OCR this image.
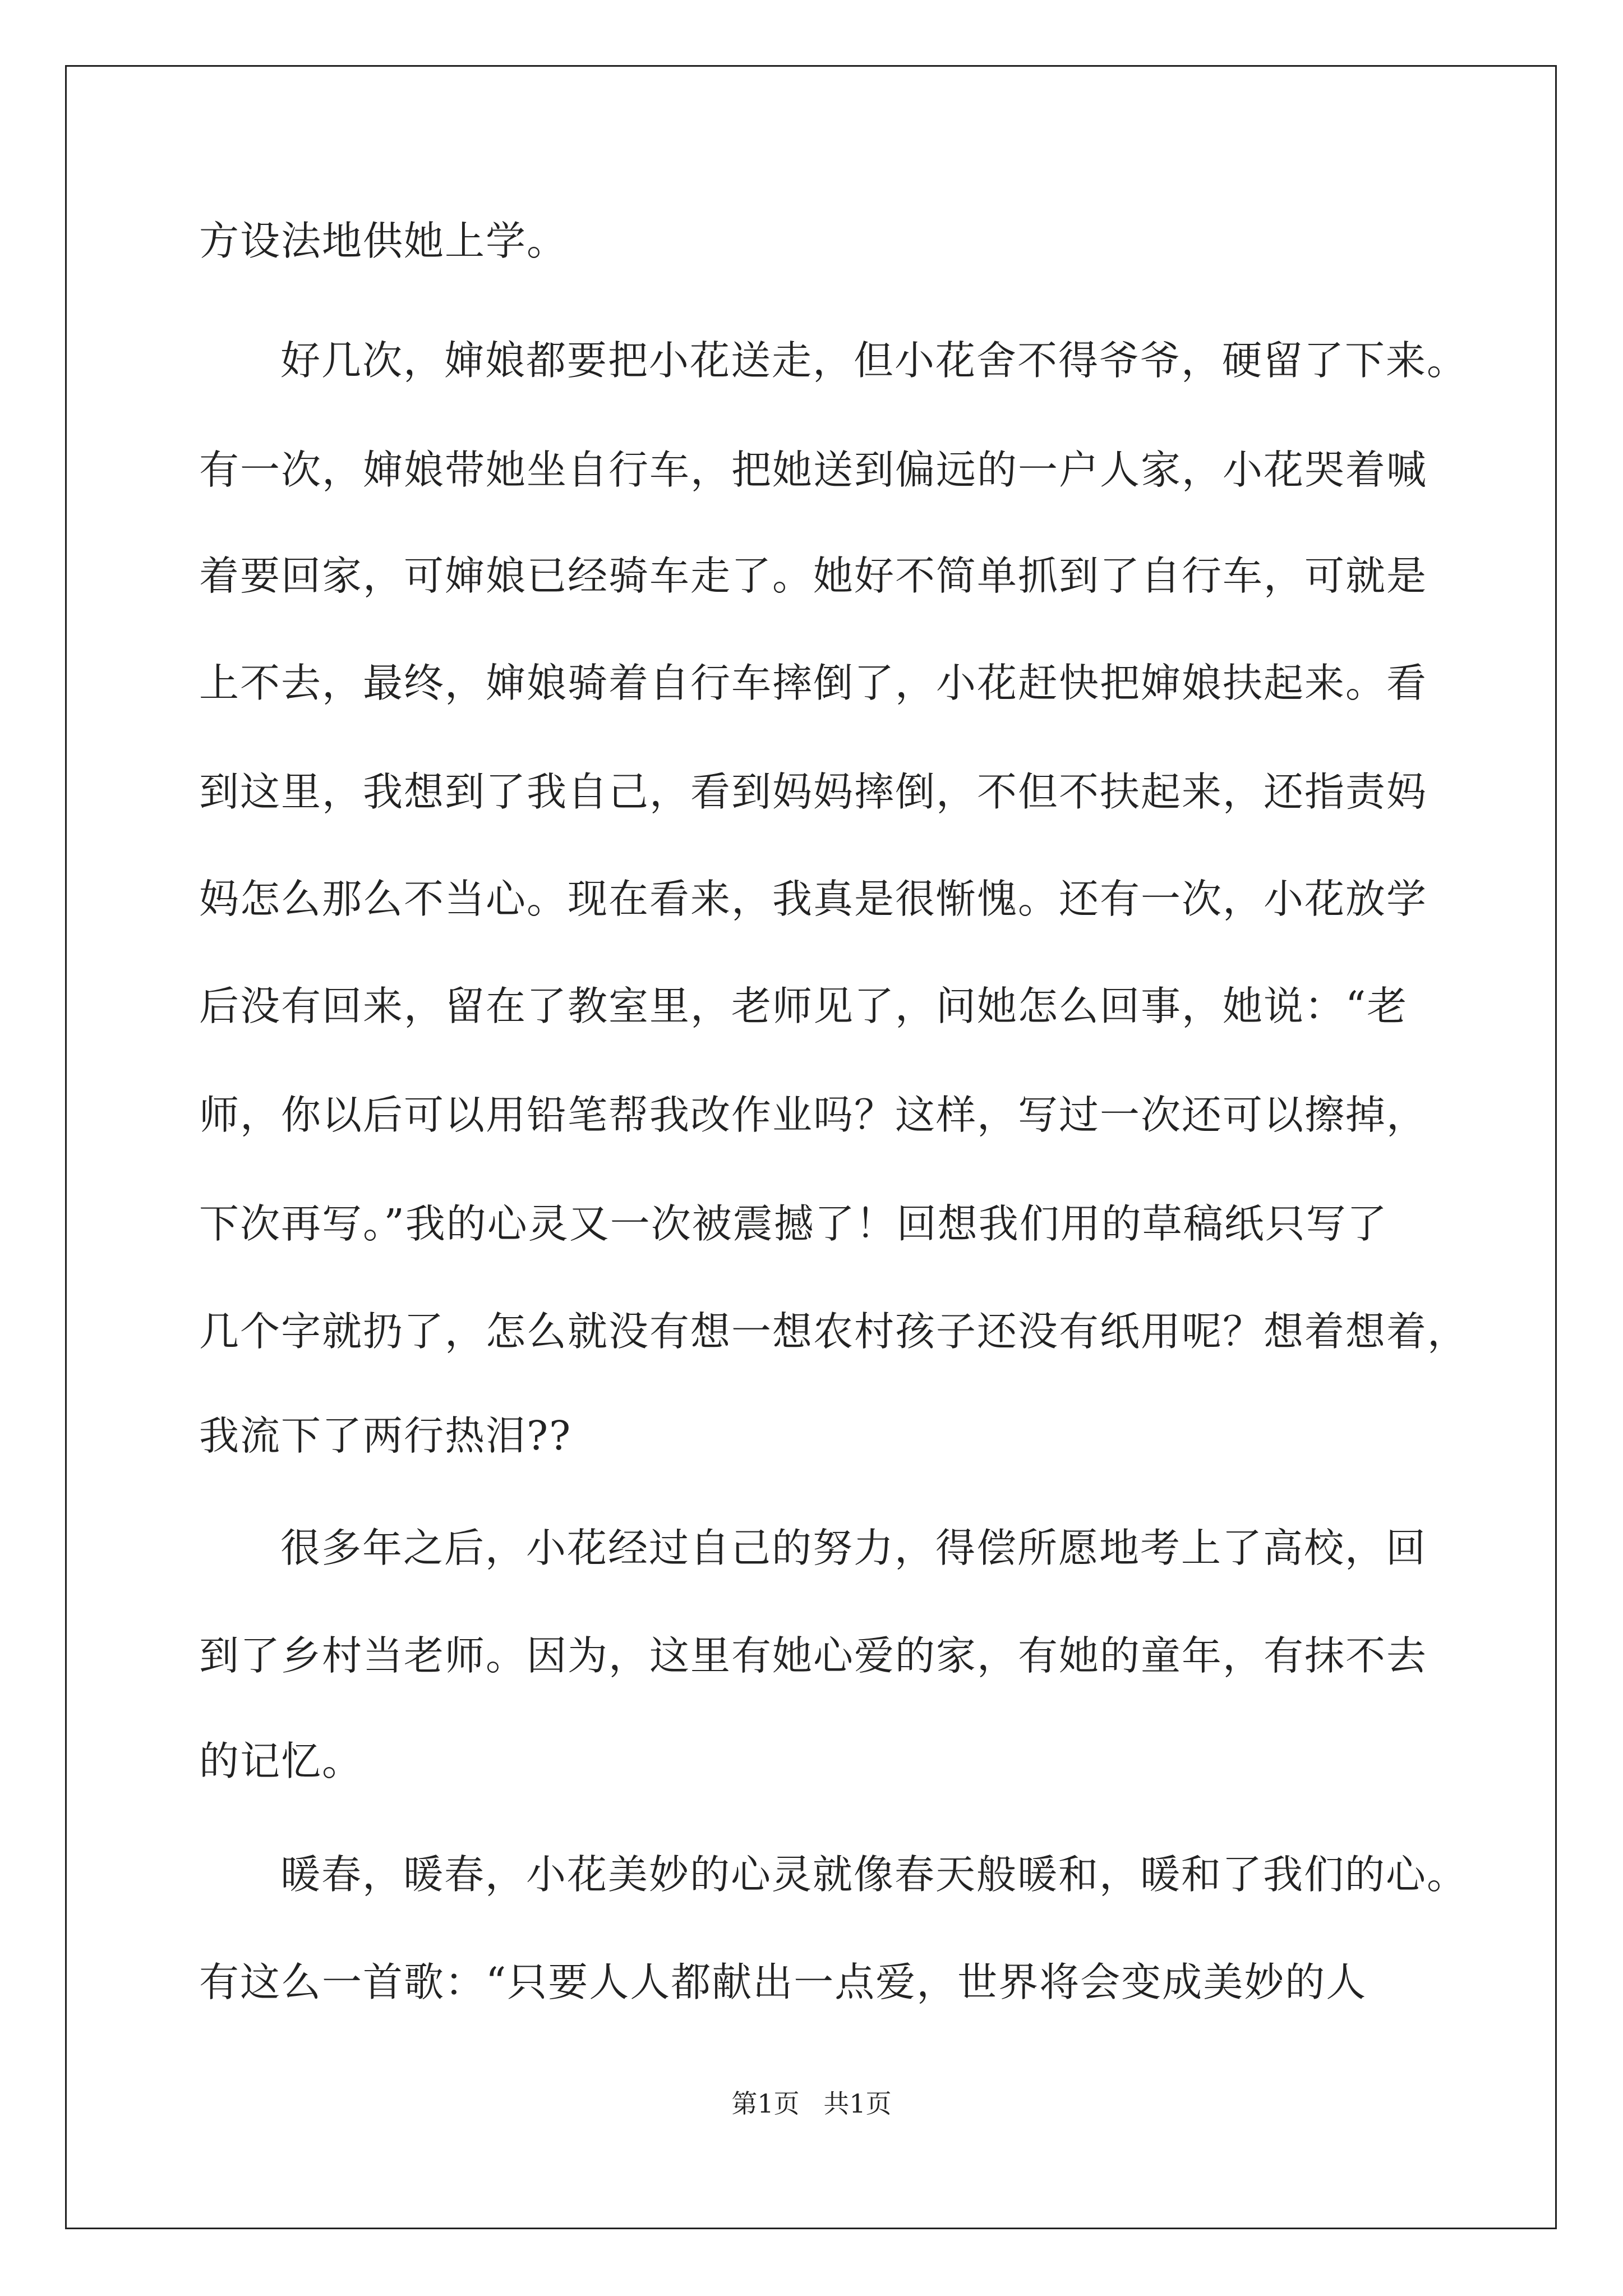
方设法地供她上学。

好几次，婶娘都要把小花送走，但小花舍不得爷爷，硬留了下来。

有一次，婶娘带她坐自行车，把她送到偏远的一户人家，小花哭着喊

着要回家，可婶娘已经骑车走了。她好不简单抓到了自行车，可就是

上不去，最终，婶娘骑着自行车摔倒了，小花赶快把婶娘扶起来。看

到这里，我想到了我自己，看到妈妈摔倒，不但不扶起来，还指责妈

妈怎么那么不当心。现在看来，我真是很惭愧。还有一次，小花放学

后没有回来，留在了教室里，老师见了，问她怎么回事，她说：“老

师，你以后可以用铅笔帮我改作业吗？这样，写过一次还可以擦掉，

下次再写。”我的心灵又一次被震撼了！回想我们用的草稿纸只写了

几个字就扔了，怎么就没有想一想农村孩子还没有纸用呢？想着想着，

我流下了两行热泪??

很多年之后，小花经过自己的努力，得偿所愿地考上了高校，回

到了乡村当老师。因为，这里有她心爱的家，有她的童年，有抹不去

的记忆。

暖春，暖春，小花美妙的心灵就像春天般暖和，暖和了我们的心。

有这么一首歌：“只要人人都献出一点爱，世界将会变成美妙的人

第1页 共1页
